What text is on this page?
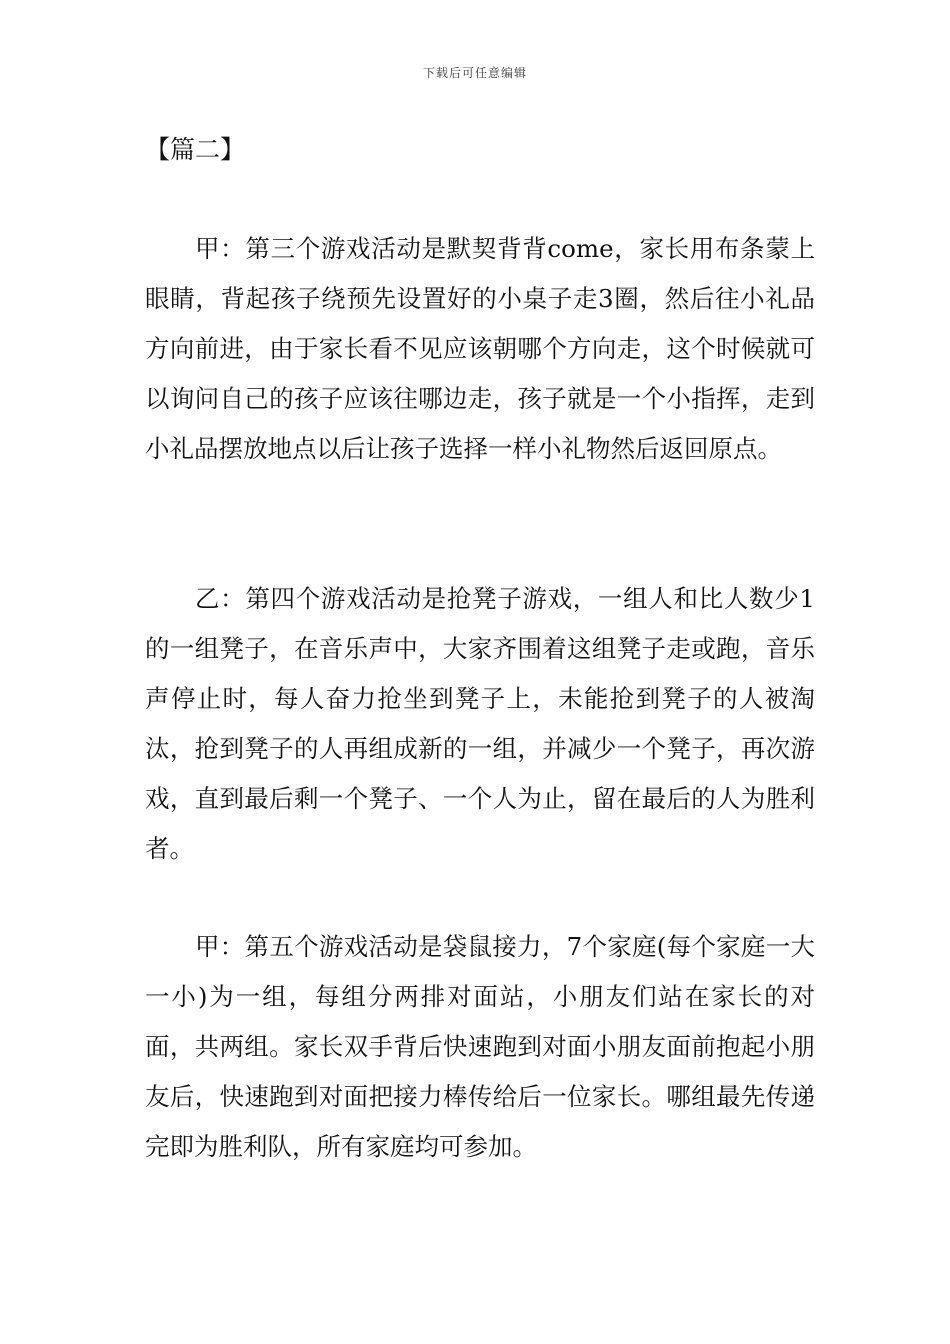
下载后可任意编辑
【篇二】

甲：第三个游戏活动是默契背背come，家长用布条蒙上眼睛，背起孩子绕预先设置好的小桌子走3圈，然后往小礼品方向前进，由于家长看不见应该朝哪个方向走，这个时候就可以询问自己的孩子应该往哪边走，孩子就是一个小指挥，走到小礼品摆放地点以后让孩子选择一样小礼物然后返回原点。

乙：第四个游戏活动是抢凳子游戏，一组人和比人数少1的一组凳子，在音乐声中，大家齐围着这组凳子走或跑，音乐声停止时，每人奋力抢坐到凳子上，未能抢到凳子的人被淘汰，抢到凳子的人再组成新的一组，并减少一个凳子，再次游戏，直到最后剩一个凳子、一个人为止，留在最后的人为胜利者。

甲：第五个游戏活动是袋鼠接力，7个家庭(每个家庭一大一小)为一组，每组分两排对面站，小朋友们站在家长的对面，共两组。家长双手背后快速跑到对面小朋友面前抱起小朋友后，快速跑到对面把接力棒传给后一位家长。哪组最先传递完即为胜利队，所有家庭均可参加。
